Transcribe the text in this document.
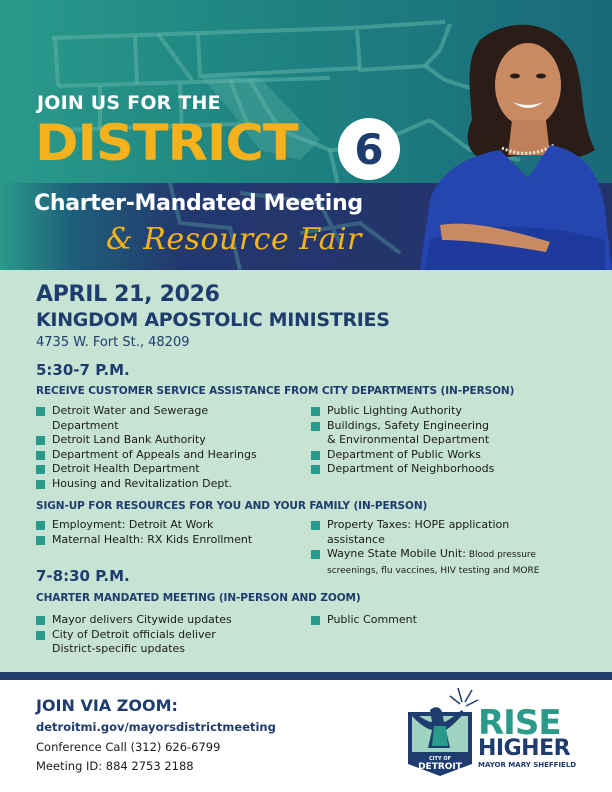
JOIN US FOR THE
DISTRICT	6
Charter-Mandated Meeting
& Resource Fair
APRIL 21, 2026
KINGDOM APOSTOLIC MINISTRIES
4735 W. Fort St., 48209
5:30-7 P.M.
RECEIVE CUSTOMER SERVICE ASSISTANCE FROM CITY DEPARTMENTS (IN-PERSON)
Detroit Water and Sewerage
Department
Detroit Land Bank Authority
Department of Appeals and Hearings
Detroit Health Department
Housing and Revitalization Dept.
Public Lighting Authority
Buildings, Safety Engineering
& Environmental Department
Department of Public Works
Department of Neighborhoods
SIGN-UP FOR RESOURCES FOR YOU AND YOUR FAMILY (IN-PERSON)
Employment: Detroit At Work
Maternal Health: RX Kids Enrollment
Property Taxes: HOPE application
assistance
Wayne State Mobile Unit: Blood pressure
screenings, flu vaccines, HIV testing and MORE
7-8:30 P.M.
CHARTER MANDATED MEETING (IN-PERSON AND ZOOM)
Mayor delivers Citywide updates
City of Detroit officials deliver
District-specific updates
Public Comment
JOIN VIA ZOOM:
detroitmi.gov/mayorsdistrictmeeting
Conference Call (312) 626-6799
Meeting ID: 884 2753 2188	CITY OF
DETROIT
RISE
HIGHER
MAYOR MARY SHEFFIELD
